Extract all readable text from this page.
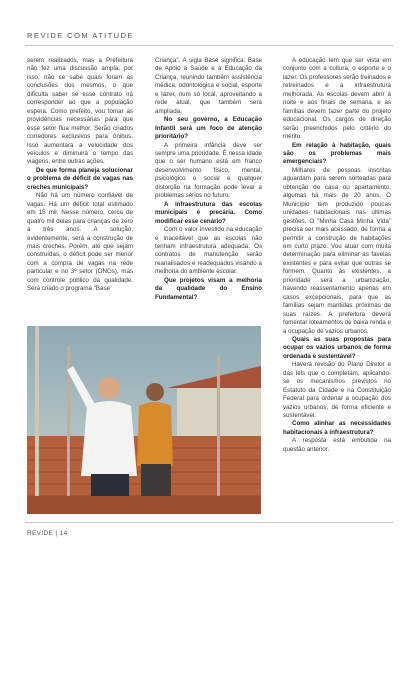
REVIDE COM ATITUDE

serem realizados, mas a Prefeitura não fez uma discussão ampla, por isso, não se sabe quais foram as conclusões dos mesmos, o que dificulta saber se esse contrato irá corresponder ao que a população espera. Como prefeito, vou tomar as providências necessárias para que esse setor flua melhor. Serão criados corredores exclusivos para ônibus. Isso aumentará a velocidade dos veículos e diminuirá o tempo das viagens, entre outras ações.

De que forma planeja solucionar o problema de déficit de vagas nas creches municipais?

Não há um número confiável de vagas. Há um déficit total estimado em 15 mil. Nesse número, cerca de quatro mil delas para crianças de zero a três anos. A solução, evidentemente, será a construção de mais creches. Porém, até que sejam construídas, o déficit pode ser menor com a compra de vagas na rede particular e no 3º setor (ONGs), mas com controle público da qualidade. Será criado o programa "Base

Criança". A sigla Base significa: Base de Apoio à Saúde e à Educação da Criança, reunindo também assistência médica, odontológica e social, esporte e lazer, num só local, aproveitando a rede atual, que também será ampliada.

No seu governo, a Educação Infantil será um foco de atenção prioritário?

A primeira infância deve ser sempre uma prioridade. É nessa idade que o ser humano está em franco desenvolvimento físico, mental, psicológico e social e qualquer distorção na formação pode levar a problemas sérios no futuro.

A infraestrutura das escolas municipais é precária. Como modificar esse cenário?

Com o valor investido na educação é inaceitável que as escolas não tenham infraestrutura adequada. Os contratos de manutenção serão reanalisados e readequados visando a melhoria do ambiente escolar.

Que projetos visam a melhoria da qualidade do Ensino Fundamental?

A educação tem que ser vista em conjunto com a cultura, o esporte e o lazer. Os professores serão treinados e retreinados e a infraestrutura melhorada. As escolas devem abrir à noite e aos finais de semana, e as famílias devem fazer parte do projeto educacional. Os cargos de direção serão preenchidos pelo critério do mérito.

Em relação à habitação, quais são os problemas mais emergenciais?

Milhares de pessoas inscritas aguardam para serem sorteadas para obtenção de casa ou apartamento, algumas há mais de 20 anos. O Município tem produzido poucas unidades habitacionais nas últimas gestões. O "Minha Casa Minha Vida" precisa ser mais acessado, de forma a permitir a construção de habitações em curto prazo. Vou atuar com muita determinação para eliminar as favelas existentes e para evitar que outras se formem. Quanto às existentes, a prioridade será a urbanização, havendo reassentamento apenas em casos excepcionais, para que as famílias sejam mantidas próximas de suas raízes. A prefeitura deverá fomentar loteamentos de baixa renda e a ocupação de vazios urbanos.

Quais as suas propostas para ocupar os vazios urbanos de forma ordenada e sustentável?

Haverá revisão do Plano Diretor e das leis que o completam, aplicando-se os mecanismos previstos no Estatuto da Cidade e na Constituição Federal para ordenar a ocupação dos vazios urbanos, de forma eficiente e sustentável.

Como alinhar as necessidades habitacionais à infraestrutura?

A resposta está embutida na questão anterior.

O candidato diz que a prefeitura deverá fomentar loteamentos de baixa renda
REVIDE | 14
